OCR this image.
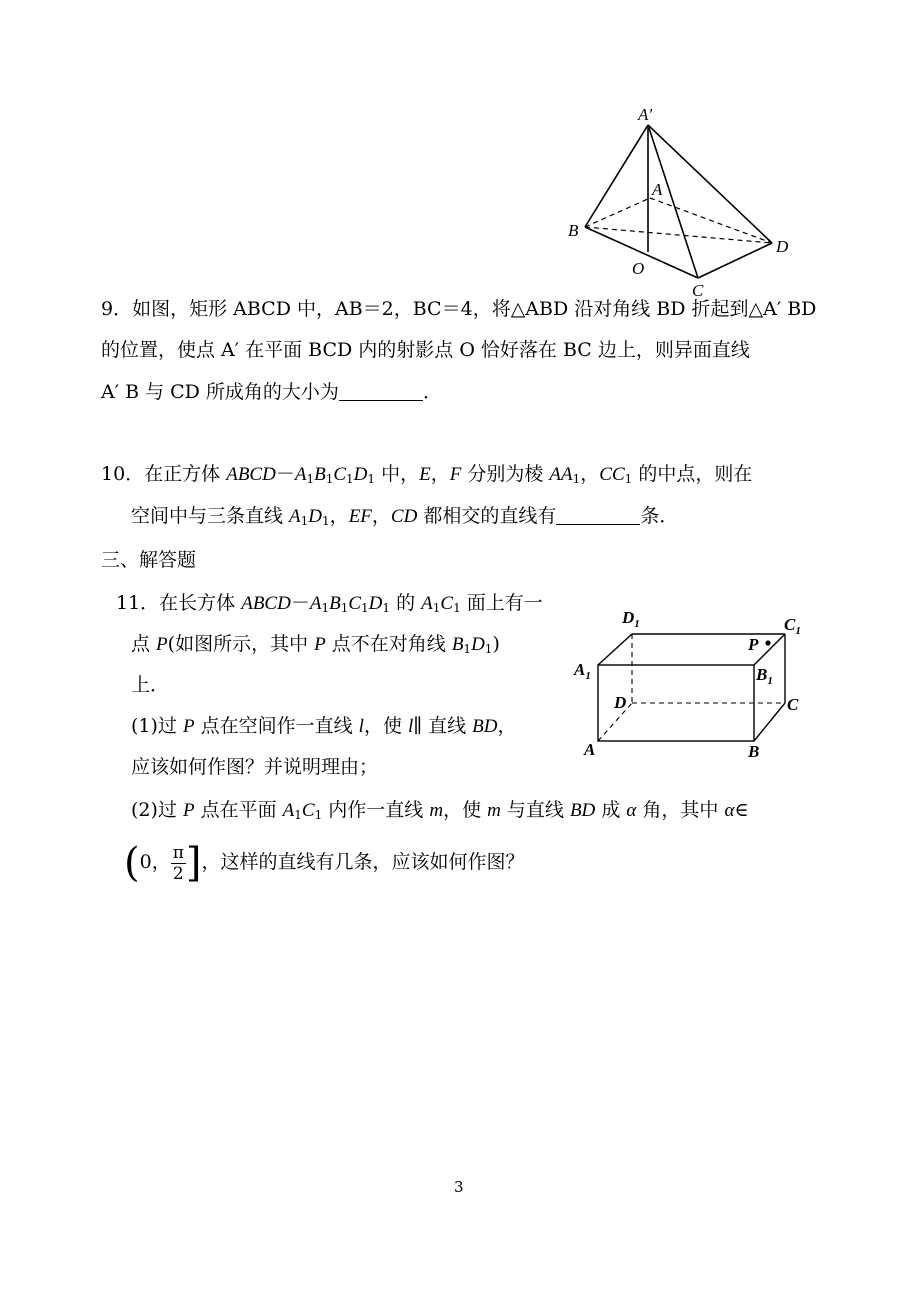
A′
A
B
D
O
C
9．如图，矩形 ABCD 中，AB＝2，BC＝4，将△ABD 沿对角线 BD 折起到△A′ BD
的位置，使点 A′ 在平面 BCD 内的射影点 O 恰好落在 BC 边上，则异面直线
A′ B 与 CD 所成角的大小为	．
10．在正方体 $ABCD-A_1B_1C_1D_1$ 中，E，F 分别为棱 $AA_1$，$CC_1$ 的中点，则在
空间中与三条直线 $A_1D_1$，EF，CD 都相交的直线有	条．
三、解答题
$D_1$	$C_1$
P
$A_1$	$B_1$
D	C
A	B
11．在长方体 $ABCD-A_1B_1C_1D_1$ 的 $A_1C_1$ 面上有一
点 P(如图所示，其中 P 点不在对角线 $B_1D_1$)
上．
(1)过 P 点在空间作一直线 l，使 l∥ 直线 BD，
应该如何作图？并说明理由；
(2)过 P 点在平面 $A_1C_1$ 内作一直线 m，使 m 与直线 BD 成 α 角，其中 α∈
(0， $\frac{\pi}{2}$ ]，这样的直线有几条，应该如何作图？
3
